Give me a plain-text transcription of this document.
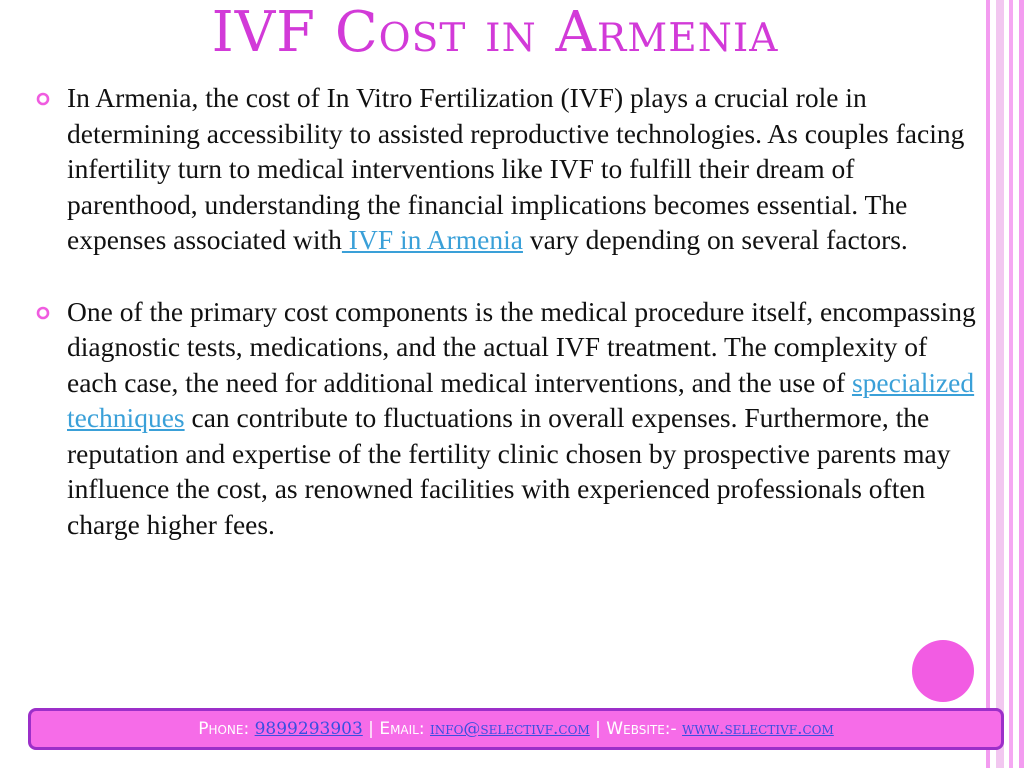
IVF Cost in Armenia
In Armenia, the cost of In Vitro Fertilization (IVF) plays a crucial role in determining accessibility to assisted reproductive technologies. As couples facing infertility turn to medical interventions like IVF to fulfill their dream of parenthood, understanding the financial implications becomes essential. The expenses associated with IVF in Armenia vary depending on several factors.
One of the primary cost components is the medical procedure itself, encompassing diagnostic tests, medications, and the actual IVF treatment. The complexity of each case, the need for additional medical interventions, and the use of specialized techniques can contribute to fluctuations in overall expenses. Furthermore, the reputation and expertise of the fertility clinic chosen by prospective parents may influence the cost, as renowned facilities with experienced professionals often charge higher fees.
Phone: 9899293903 | Email: info@selectivf.com | Website:- www.selectivf.com
